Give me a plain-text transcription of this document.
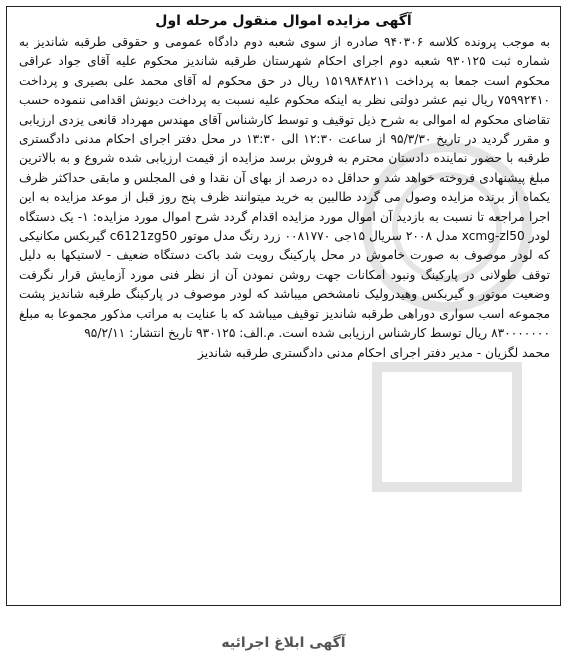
آگهی مزایده اموال منقول مرحله اول

به موجب پرونده کلاسه ۹۴۰۳۰۶ صادره از سوی شعبه دوم دادگاه عمومی و حقوقی طرقبه شاندیز به شماره ثبت ۹۳۰۱۲۵ شعبه دوم اجرای احکام شهرستان طرقبه شاندیز محکوم علیه آقای جواد عراقی محکوم است جمعا به پرداخت ۱۵۱۹۸۴۸۲۱۱ ریال در حق محکوم له آقای محمد علی بصیری و پرداخت ۷۵۹۹۲۴۱۰ ریال نیم عشر دولتی نظر به اینکه محکوم علیه نسبت به پرداخت دیونش اقدامی ننموده حسب تقاضای محکوم له اموالی به شرح ذیل توقیف و توسط کارشناس آقای مهندس مهرداد قانعی یزدی ارزیابی و مقرر گردید در تاریخ ۹۵/۳/۳۰ از ساعت ۱۲:۳۰ الی ۱۳:۳۰ در محل دفتر اجرای احکام مدنی دادگستری طرقبه با حضور نماینده دادستان محترم به فروش برسد مزایده از قیمت ارزیابی شده شروع و به بالاترین مبلغ پیشنهادی فروخته خواهد شد و حداقل ده درصد از بهای آن نقدا و فی المجلس و مابقی حداکثر ظرف یکماه از برنده مزایده وصول می گردد طالبین به خرید میتوانند ظرف پنج روز قبل از موعد مزایده به این اجرا مراجعه تا نسبت به بازدید آن اموال مورد مزایده اقدام گردد شرح اموال مورد مزایده: ۱- یک دستگاه لودر xcmg-zl50 مدل ۲۰۰۸ سریال ۱۵جی ۰۰۸۱۷۷۰ زرد رنگ مدل موتور c6121zg50 گیربکس مکانیکی که لودر موصوف به صورت خاموش در محل پارکینگ رویت شد باکت دستگاه ضعیف - لاستیکها به دلیل توقف طولانی در پارکینگ ونبود امکانات جهت روشن نمودن آن از نظر فنی مورد آزمایش قرار نگرفت وضعیت موتور و گیربکس وهیدرولیک نامشخص میباشد که لودر موصوف در پارکینگ طرقبه شاندیز پشت مجموعه اسب سواری دوراهی طرقبه شاندیز توقیف میباشد که با عنایت به مراتب مذکور مجموعا به مبلغ ۸۳۰۰۰۰۰۰۰ ریال توسط کارشناس ارزیابی شده است. م.الف: ۹۳۰۱۲۵ تاریخ انتشار: ۹۵/۲/۱۱

محمد لگزیان - مدیر دفتر اجرای احکام مدنی دادگستری طرقبه شاندیز

آگهی ابلاغ اجرائیه
